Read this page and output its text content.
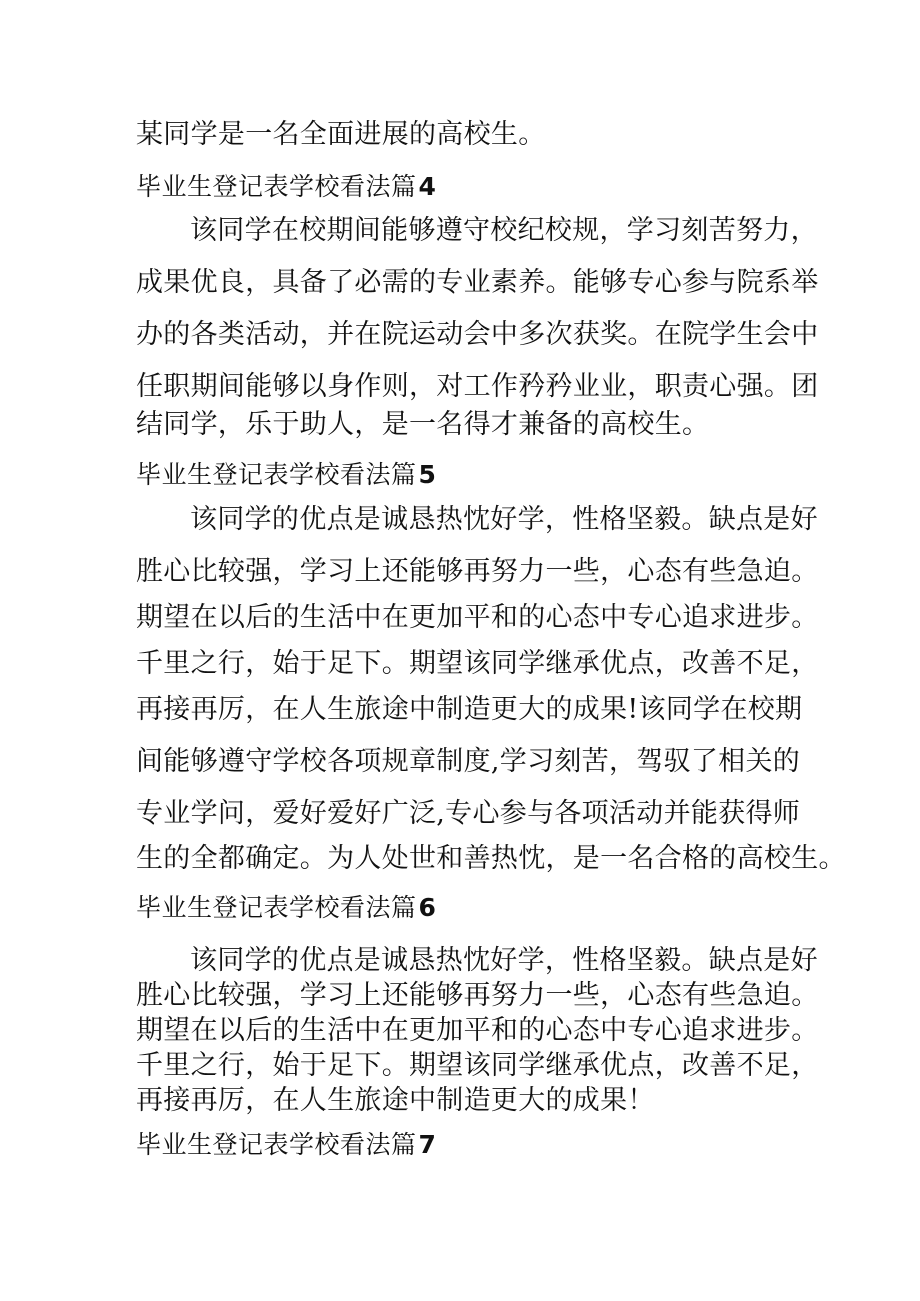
某同学是一名全面进展的高校生。
毕业生登记表学校看法篇4
该同学在校期间能够遵守校纪校规，学习刻苦努力，
成果优良，具备了必需的专业素养。能够专心参与院系举
办的各类活动，并在院运动会中多次获奖。在院学生会中
任职期间能够以身作则，对工作矜矜业业，职责心强。团
结同学，乐于助人，是一名得才兼备的高校生。
毕业生登记表学校看法篇5
该同学的优点是诚恳热忱好学，性格坚毅。缺点是好
胜心比较强，学习上还能够再努力一些，心态有些急迫。
期望在以后的生活中在更加平和的心态中专心追求进步。
千里之行，始于足下。期望该同学继承优点，改善不足，
再接再厉，在人生旅途中制造更大的成果!该同学在校期
间能够遵守学校各项规章制度,学习刻苦，驾驭了相关的
专业学问，爱好爱好广泛,专心参与各项活动并能获得师
生的全都确定。为人处世和善热忱，是一名合格的高校生。
毕业生登记表学校看法篇6
该同学的优点是诚恳热忱好学，性格坚毅。缺点是好
胜心比较强，学习上还能够再努力一些，心态有些急迫。
期望在以后的生活中在更加平和的心态中专心追求进步。
千里之行，始于足下。期望该同学继承优点，改善不足，
再接再厉，在人生旅途中制造更大的成果！
毕业生登记表学校看法篇7
